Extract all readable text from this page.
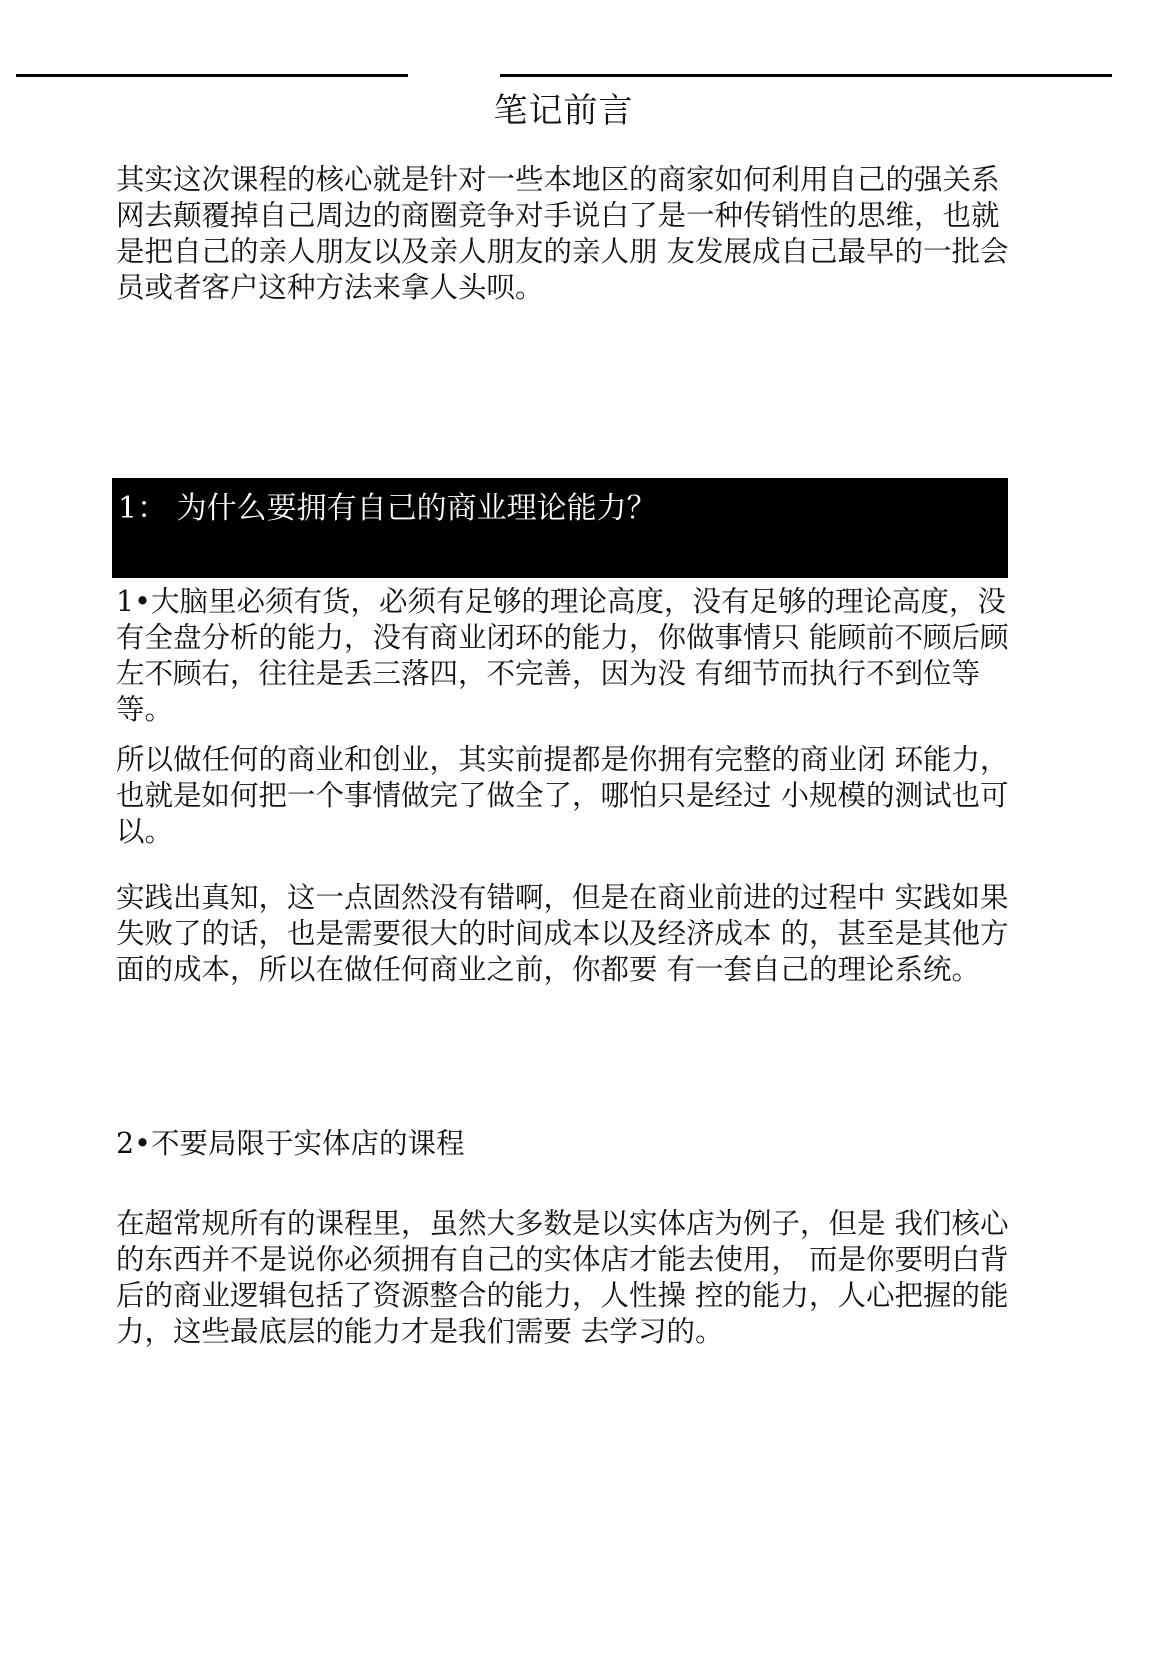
笔记前言

其实这次课程的核心就是针对一些本地区的商家如何利用自己的强关系网去颠覆掉自己周边的商圈竞争对手说白了是一种传销性的思维，也就是把自己的亲人朋友以及亲人朋友的亲人朋 友发展成自己最早的一批会员或者客户这种方法来拿人头呗。

1： 为什么要拥有自己的商业理论能力？

1•大脑里必须有货，必须有足够的理论高度，没有足够的理论高度，没有全盘分析的能力，没有商业闭环的能力，你做事情只 能顾前不顾后顾左不顾右，往往是丢三落四，不完善，因为没 有细节而执行不到位等等。

所以做任何的商业和创业，其实前提都是你拥有完整的商业闭 环能力，也就是如何把一个事情做完了做全了，哪怕只是经过 小规模的测试也可以。

实践出真知，这一点固然没有错啊，但是在商业前进的过程中 实践如果失败了的话，也是需要很大的时间成本以及经济成本 的，甚至是其他方面的成本，所以在做任何商业之前，你都要 有一套自己的理论系统。

2•不要局限于实体店的课程

在超常规所有的课程里，虽然大多数是以实体店为例子，但是 我们核心的东西并不是说你必须拥有自己的实体店才能去使用， 而是你要明白背后的商业逻辑包括了资源整合的能力，人性操 控的能力，人心把握的能力，这些最底层的能力才是我们需要 去学习的。
